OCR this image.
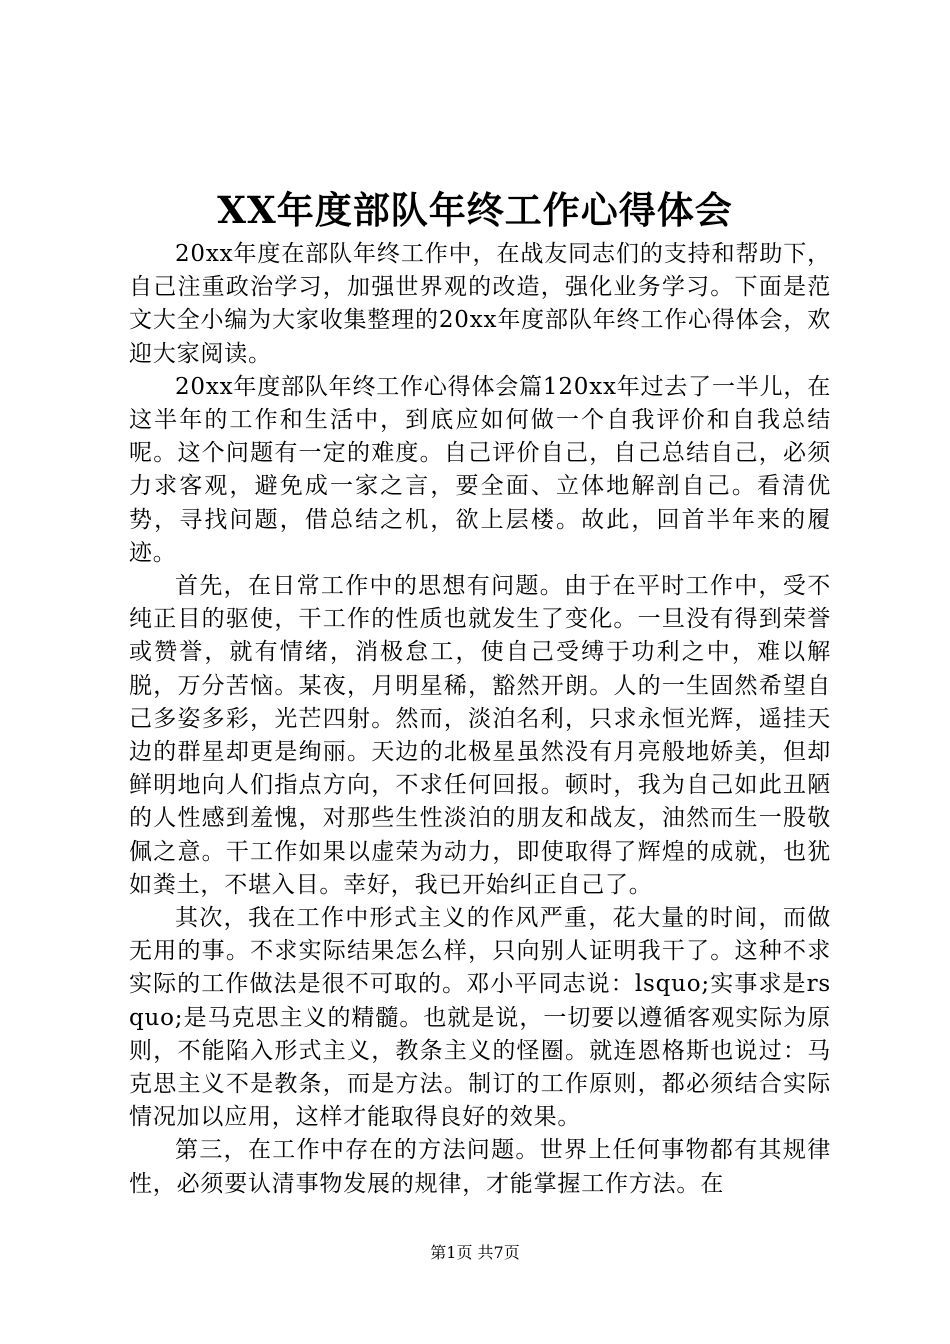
XX年度部队年终工作心得体会

20xx年度在部队年终工作中，在战友同志们的支持和帮助下，自己注重政治学习，加强世界观的改造，强化业务学习。下面是范文大全小编为大家收集整理的20xx年度部队年终工作心得体会，欢迎大家阅读。

20xx年度部队年终工作心得体会篇120xx年过去了一半儿，在这半年的工作和生活中，到底应如何做一个自我评价和自我总结呢。这个问题有一定的难度。自己评价自己，自己总结自己，必须力求客观，避免成一家之言，要全面、立体地解剖自己。看清优势，寻找问题，借总结之机，欲上层楼。故此，回首半年来的履迹。

首先，在日常工作中的思想有问题。由于在平时工作中，受不纯正目的驱使，干工作的性质也就发生了变化。一旦没有得到荣誉或赞誉，就有情绪，消极怠工，使自己受缚于功利之中，难以解脱，万分苦恼。某夜，月明星稀，豁然开朗。人的一生固然希望自己多姿多彩，光芒四射。然而，淡泊名利，只求永恒光辉，遥挂天边的群星却更是绚丽。天边的北极星虽然没有月亮般地娇美，但却鲜明地向人们指点方向，不求任何回报。顿时，我为自己如此丑陋的人性感到羞愧，对那些生性淡泊的朋友和战友，油然而生一股敬佩之意。干工作如果以虚荣为动力，即使取得了辉煌的成就，也犹如粪土，不堪入目。幸好，我已开始纠正自己了。

其次，我在工作中形式主义的作风严重，花大量的时间，而做无用的事。不求实际结果怎么样，只向别人证明我干了。这种不求实际的工作做法是很不可取的。邓小平同志说：lsquo;实事求是rsquo;是马克思主义的精髓。也就是说，一切要以遵循客观实际为原则，不能陷入形式主义，教条主义的怪圈。就连恩格斯也说过：马克思主义不是教条，而是方法。制订的工作原则，都必须结合实际情况加以应用，这样才能取得良好的效果。

第三，在工作中存在的方法问题。世界上任何事物都有其规律性，必须要认清事物发展的规律，才能掌握工作方法。在

第1页 共7页
